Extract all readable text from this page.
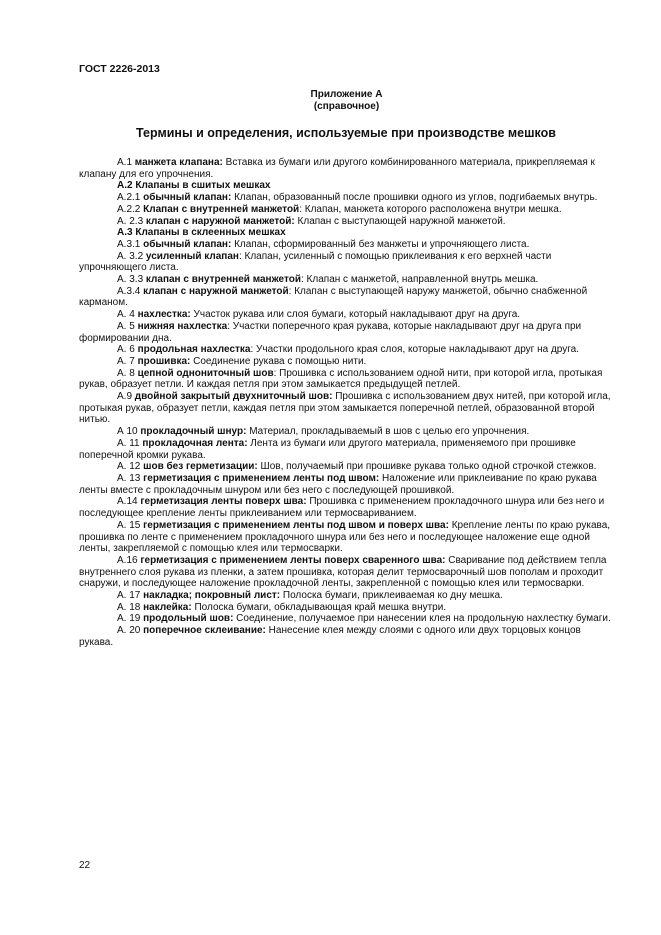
ГОСТ 2226-2013
Приложение А
(справочное)
Термины и определения, используемые при производстве мешков

А.1 манжета клапана: Вставка из бумаги или другого комбинированного материала, прикрепляемая к клапану для его упрочнения.

А.2 Клапаны в сшитых мешках

А.2.1 обычный клапан: Клапан, образованный после прошивки одного из углов, подгибаемых внутрь.

А.2.2 Клапан с внутренней манжетой: Клапан, манжета которого расположена внутри мешка.

А. 2.3 клапан с наружной манжетой: Клапан с выступающей наружной манжетой.

А.3 Клапаны в склеенных мешках

А.3.1 обычный клапан: Клапан, сформированный без манжеты и упрочняющего листа.

А. 3.2 усиленный клапан: Клапан, усиленный с помощью приклеивания к его верхней части упрочняющего листа.

А. 3.3 клапан с внутренней манжетой: Клапан с манжетой, направленной внутрь мешка.

А.3.4 клапан с наружной манжетой: Клапан с выступающей наружу манжетой, обычно снабженной карманом.

А. 4 нахлестка: Участок рукава или слоя бумаги, который накладывают друг на друга.

А. 5 нижняя нахлестка: Участки поперечного края рукава, которые накладывают друг на друга при формировании дна.

А. 6 продольная нахлестка: Участки продольного края слоя, которые накладывают друг на друга.

А. 7 прошивка: Соединение рукава с помощью нити.

А. 8 цепной однониточный шов: Прошивка с использованием одной нити, при которой игла, протыкая рукав, образует петли. И каждая петля при этом замыкается предыдущей петлей.

А.9 двойной закрытый двухниточный шов: Прошивка с использованием двух нитей, при которой игла, протыкая рукав, образует петли, каждая петля при этом замыкается поперечной петлей, образованной второй нитью.

А 10 прокладочный шнур: Материал, прокладываемый в шов с целью его упрочнения.

А. 11 прокладочная лента: Лента из бумаги или другого материала, применяемого при прошивке поперечной кромки рукава.

А. 12 шов без герметизации: Шов, получаемый при прошивке рукава только одной строчкой стежков.

А. 13 герметизация с применением ленты под швом: Наложение или приклеивание по краю рукава ленты вместе с прокладочным шнуром или без него с последующей прошивкой.

А.14 герметизация ленты поверх шва: Прошивка с применением прокладочного шнура или без него и последующее крепление ленты приклеиванием или термосвариванием.

А. 15 герметизация с применением ленты под швом и поверх шва: Крепление ленты по краю рукава, прошивка по ленте с применением прокладочного шнура или без него и последующее наложение еще одной ленты, закрепляемой с помощью клея или термосварки.

А.16 герметизация с применением ленты поверх сваренного шва: Сваривание под действием тепла внутреннего слоя рукава из пленки, а затем прошивка, которая делит термосварочный шов пополам и проходит снаружи, и последующее наложение прокладочной ленты, закрепленной с помощью клея или термосварки.

А. 17 накладка; покровный лист: Полоска бумаги, приклеиваемая ко дну мешка.

А. 18 наклейка: Полоска бумаги, обкладывающая край мешка внутри.

А. 19 продольный шов: Соединение, получаемое при нанесении клея на продольную нахлестку бумаги.

А. 20 поперечное склеивание: Нанесение клея между слоями с одного или двух торцовых концов рукава.

22
